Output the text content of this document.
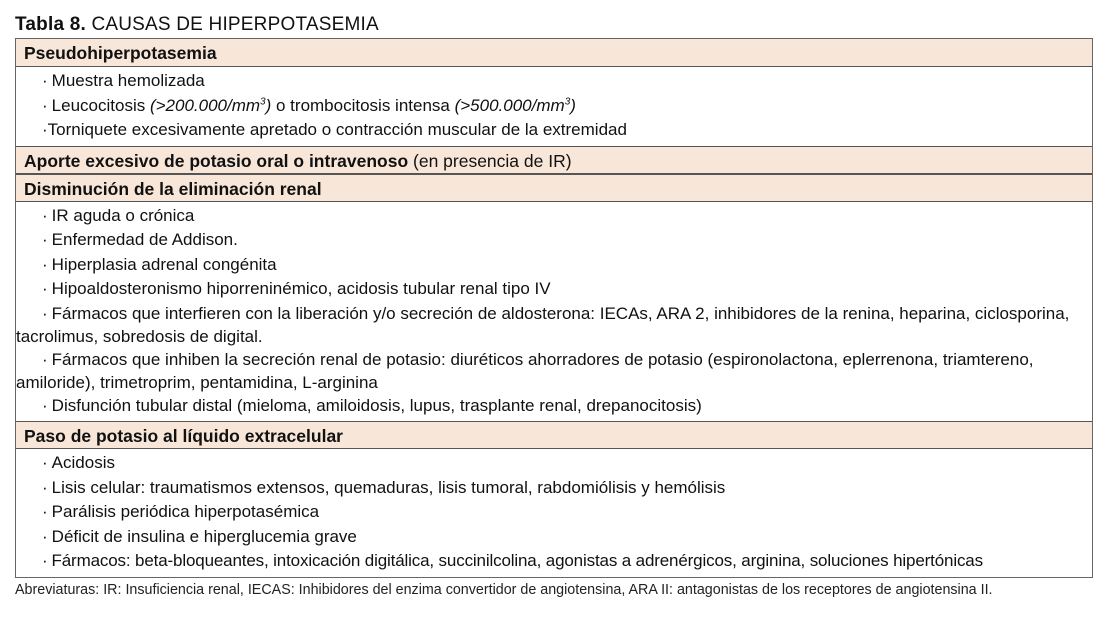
Tabla 8. CAUSAS DE HIPERPOTASEMIA
Pseudohiperpotasemia
· Muestra hemolizada
· Leucocitosis $(>200.000/mm^3)$ o trombocitosis intensa $(>500.000/mm^3)$
·Torniquete excesivamente apretado o contracción muscular de la extremidad
Aporte excesivo de potasio oral o intravenoso (en presencia de IR)
Disminución de la eliminación renal
· IR aguda o crónica
· Enfermedad de Addison.
· Hiperplasia adrenal congénita
· Hipoaldosteronismo hiporreninémico, acidosis tubular renal tipo IV
· Fármacos que interfieren con la liberación y/o secreción de aldosterona: IECAs, ARA 2, inhibidores de la renina, heparina, ciclosporina, tacrolimus, sobredosis de digital.
· Fármacos que inhiben la secreción renal de potasio: diuréticos ahorradores de potasio (espironolactona, eplerrenona, triamtereno, amiloride), trimetroprim, pentamidina, L-arginina
· Disfunción tubular distal (mieloma, amiloidosis, lupus, trasplante renal, drepanocitosis)
Paso de potasio al líquido extracelular
· Acidosis
· Lisis celular: traumatismos extensos, quemaduras, lisis tumoral, rabdomiólisis y hemólisis
· Parálisis periódica hiperpotasémica
· Déficit de insulina e hiperglucemia grave
· Fármacos: beta-bloqueantes, intoxicación digitálica, succinilcolina, agonistas a adrenérgicos, arginina, soluciones hipertónicas
Abreviaturas: IR: Insuficiencia renal, IECAS: Inhibidores del enzima convertidor de angiotensina, ARA II: antagonistas de los receptores de angiotensina II.
